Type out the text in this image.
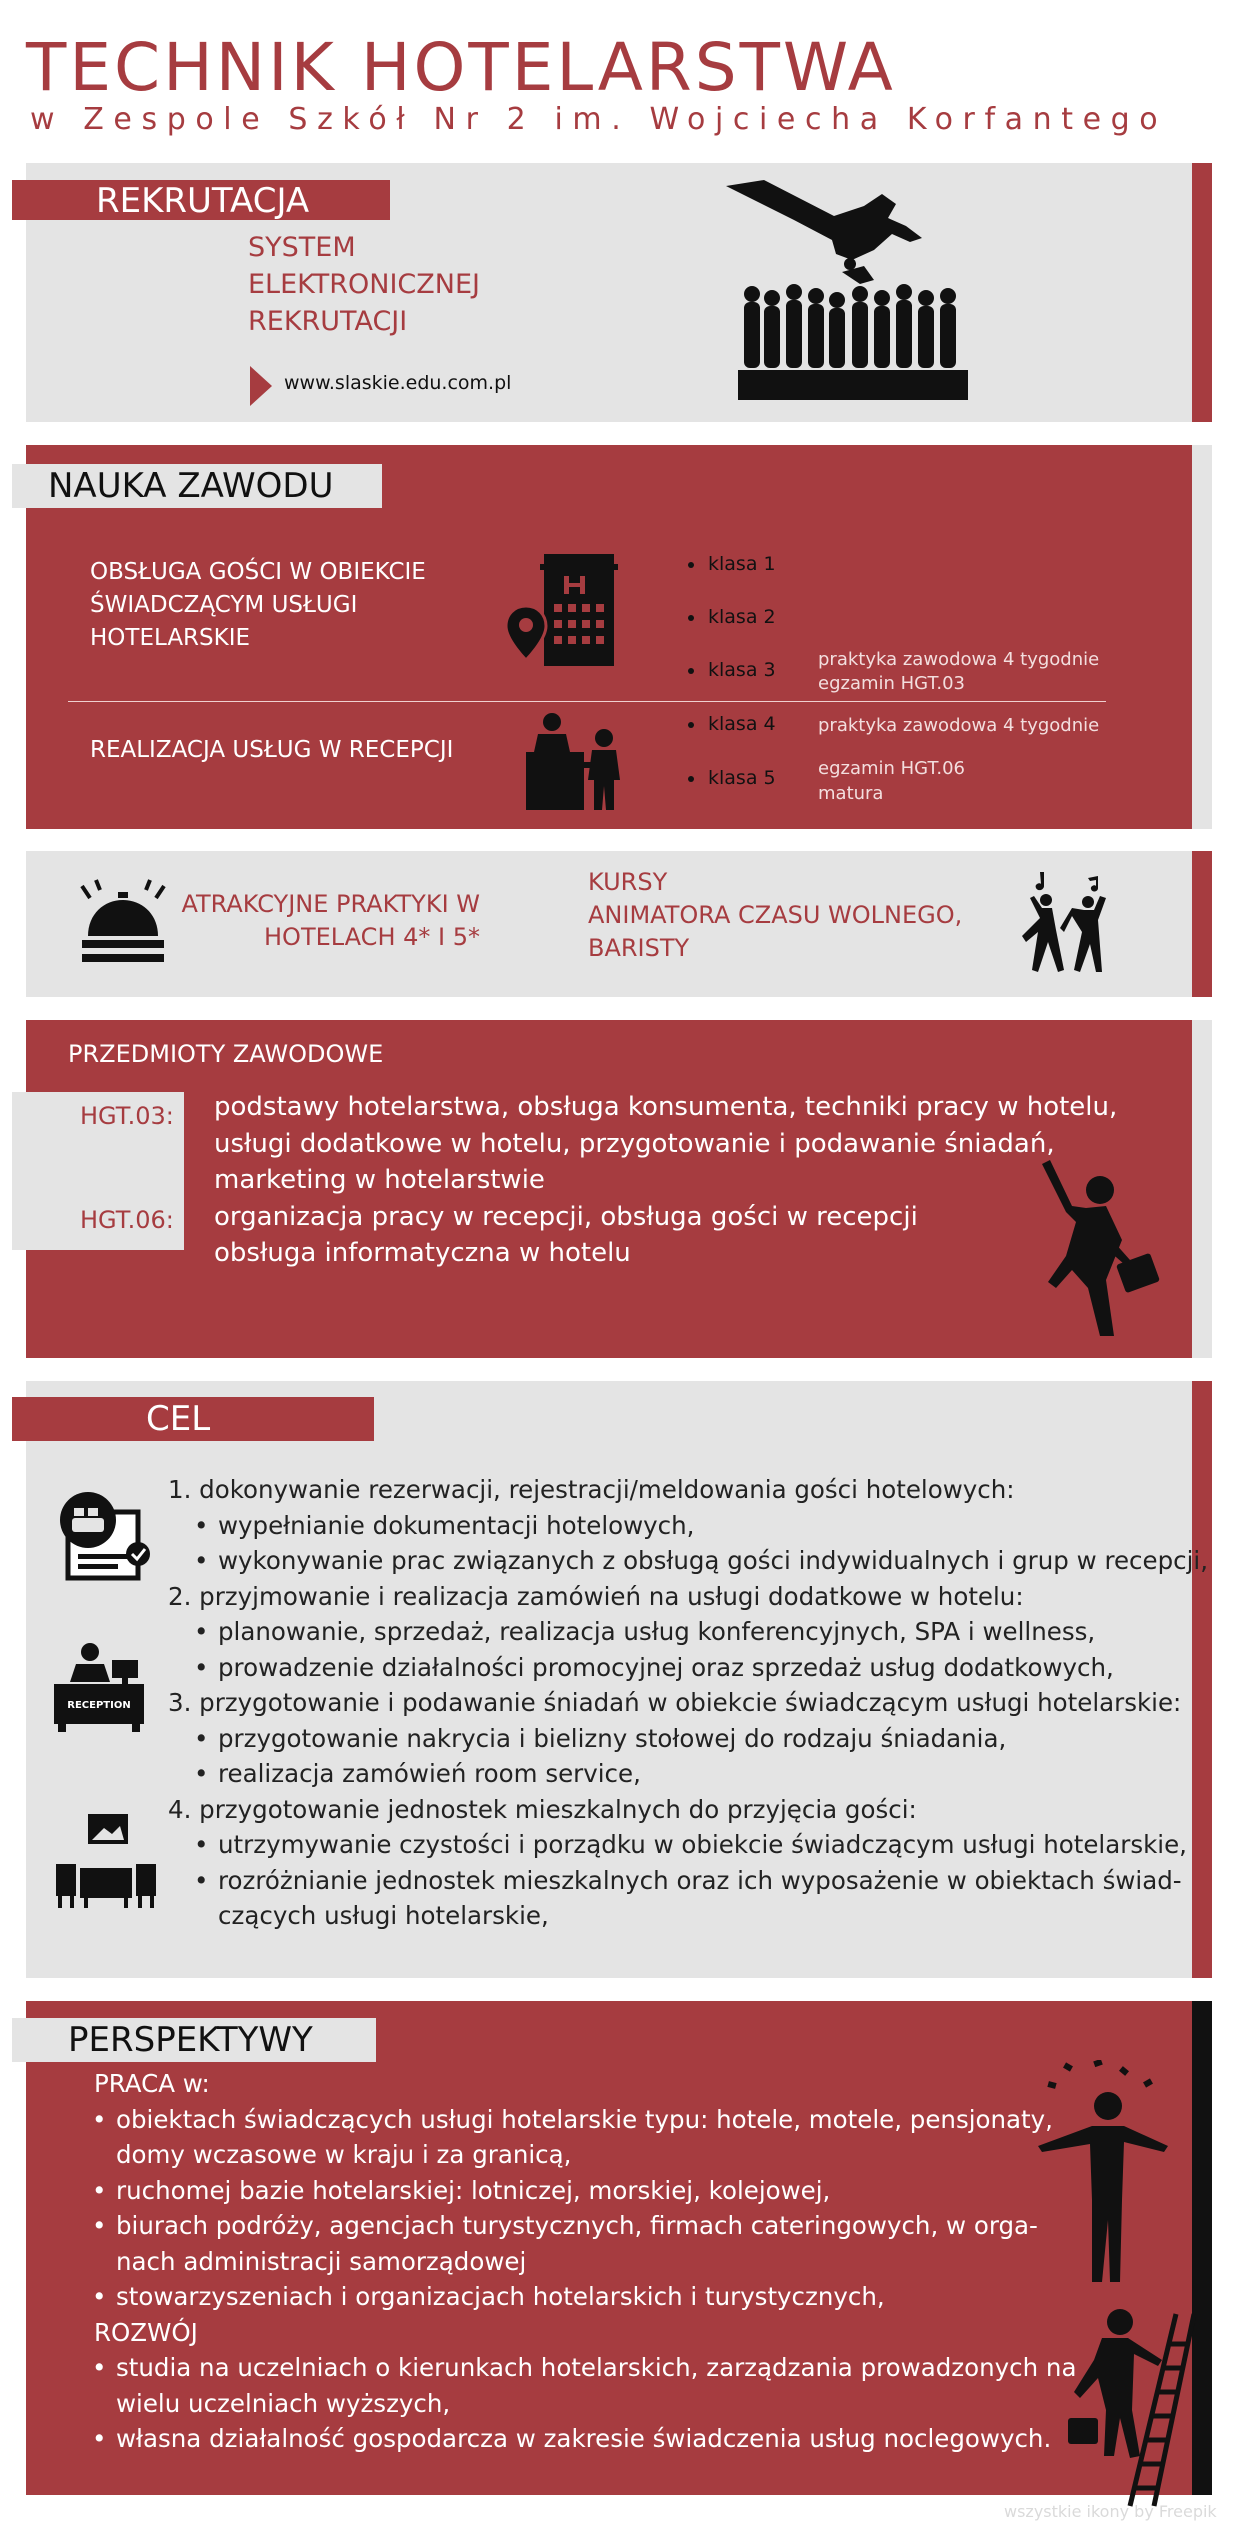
TECHNIK HOTELARSTWA
w Zespole Szkół Nr 2 im. Wojciecha Korfantego
REKRUTACJA
SYSTEM
ELEKTRONICZNEJ
REKRUTACJI
www.slaskie.edu.com.pl
NAUKA ZAWODU
OBSŁUGA GOŚCI W OBIEKCIE
ŚWIADCZĄCYM USŁUGI
HOTELARSKIE
REALIZACJA USŁUG W RECEPCJI
klasa 1
klasa 2
klasa 3
klasa 4
klasa 5
praktyka zawodowa 4 tygodnie
egzamin HGT.03
praktyka zawodowa 4 tygodnie
egzamin HGT.06
matura
ATRAKCYJNE PRAKTYKI W
HOTELACH 4* I 5*
KURSY
ANIMATORA CZASU WOLNEGO,
BARISTY
PRZEDMIOTY ZAWODOWE
HGT.03:
HGT.06:
podstawy hotelarstwa, obsługa konsumenta, techniki pracy w hotelu,
usługi dodatkowe w hotelu, przygotowanie i podawanie śniadań,
marketing w hotelarstwie
organizacja pracy w recepcji, obsługa gości w recepcji
obsługa informatyczna w hotelu
CEL
RECEPTION
1. dokonywanie rezerwacji, rejestracji/meldowania gości hotelowych:
• wypełnianie dokumentacji hotelowych,
• wykonywanie prac związanych z obsługą gości indywidualnych i grup w recepcji,
2. przyjmowanie i realizacja zamówień na usługi dodatkowe w hotelu:
• planowanie, sprzedaż, realizacja usług konferencyjnych, SPA i wellness,
• prowadzenie działalności promocyjnej oraz sprzedaż usług dodatkowych,
3. przygotowanie i podawanie śniadań w obiekcie świadczącym usługi hotelarskie:
• przygotowanie nakrycia i bielizny stołowej do rodzaju śniadania,
• realizacja zamówień room service,
4. przygotowanie jednostek mieszkalnych do przyjęcia gości:
• utrzymywanie czystości i porządku w obiekcie świadczącym usługi hotelarskie,
• rozróżnianie jednostek mieszkalnych oraz ich wyposażenie w obiektach świad-
czących usługi hotelarskie,
PERSPEKTYWY
PRACA w:
• obiektach świadczących usługi hotelarskie typu: hotele, motele, pensjonaty,
domy wczasowe w kraju i za granicą,
• ruchomej bazie hotelarskiej: lotniczej, morskiej, kolejowej,
• biurach podróży, agencjach turystycznych, firmach cateringowych, w orga-
nach administracji samorządowej
• stowarzyszeniach i organizacjach hotelarskich i turystycznych,
ROZWÓJ
• studia na uczelniach o kierunkach hotelarskich, zarządzania prowadzonych na
wielu uczelniach wyższych,
• własna działalność gospodarcza w zakresie świadczenia usług noclegowych.
wszystkie ikony by Freepik
